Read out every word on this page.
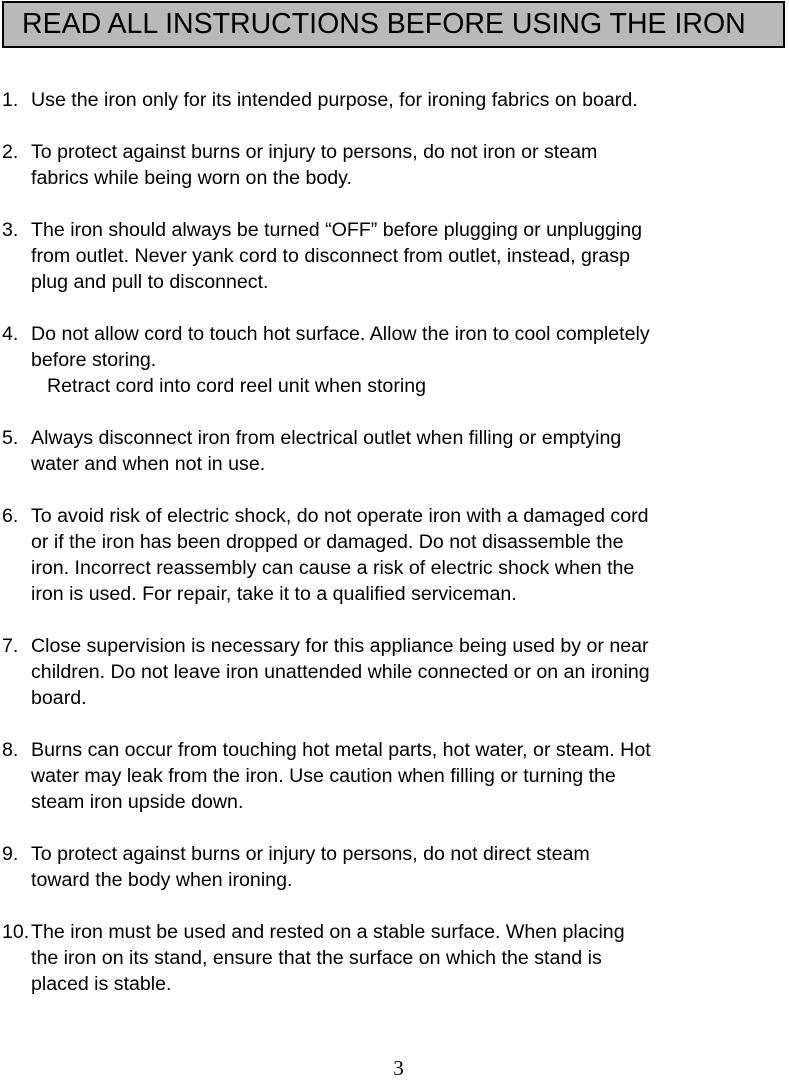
READ ALL INSTRUCTIONS BEFORE USING THE IRON
1. Use the iron only for its intended purpose, for ironing fabrics on board.
2. To protect against burns or injury to persons, do not iron or steam
fabrics while being worn on the body.
3. The iron should always be turned “OFF” before plugging or unplugging
from outlet. Never yank cord to disconnect from outlet, instead, grasp
plug and pull to disconnect.
4. Do not allow cord to touch hot surface. Allow the iron to cool completely
before storing.
Retract cord into cord reel unit when storing
5. Always disconnect iron from electrical outlet when filling or emptying
water and when not in use.
6. To avoid risk of electric shock, do not operate iron with a damaged cord
or if the iron has been dropped or damaged. Do not disassemble the
iron. Incorrect reassembly can cause a risk of electric shock when the
iron is used. For repair, take it to a qualified serviceman.
7. Close supervision is necessary for this appliance being used by or near
children. Do not leave iron unattended while connected or on an ironing
board.
8. Burns can occur from touching hot metal parts, hot water, or steam. Hot
water may leak from the iron. Use caution when filling or turning the
steam iron upside down.
9. To protect against burns or injury to persons, do not direct steam
toward the body when ironing.
10. The iron must be used and rested on a stable surface. When placing
the iron on its stand, ensure that the surface on which the stand is
placed is stable.
3
